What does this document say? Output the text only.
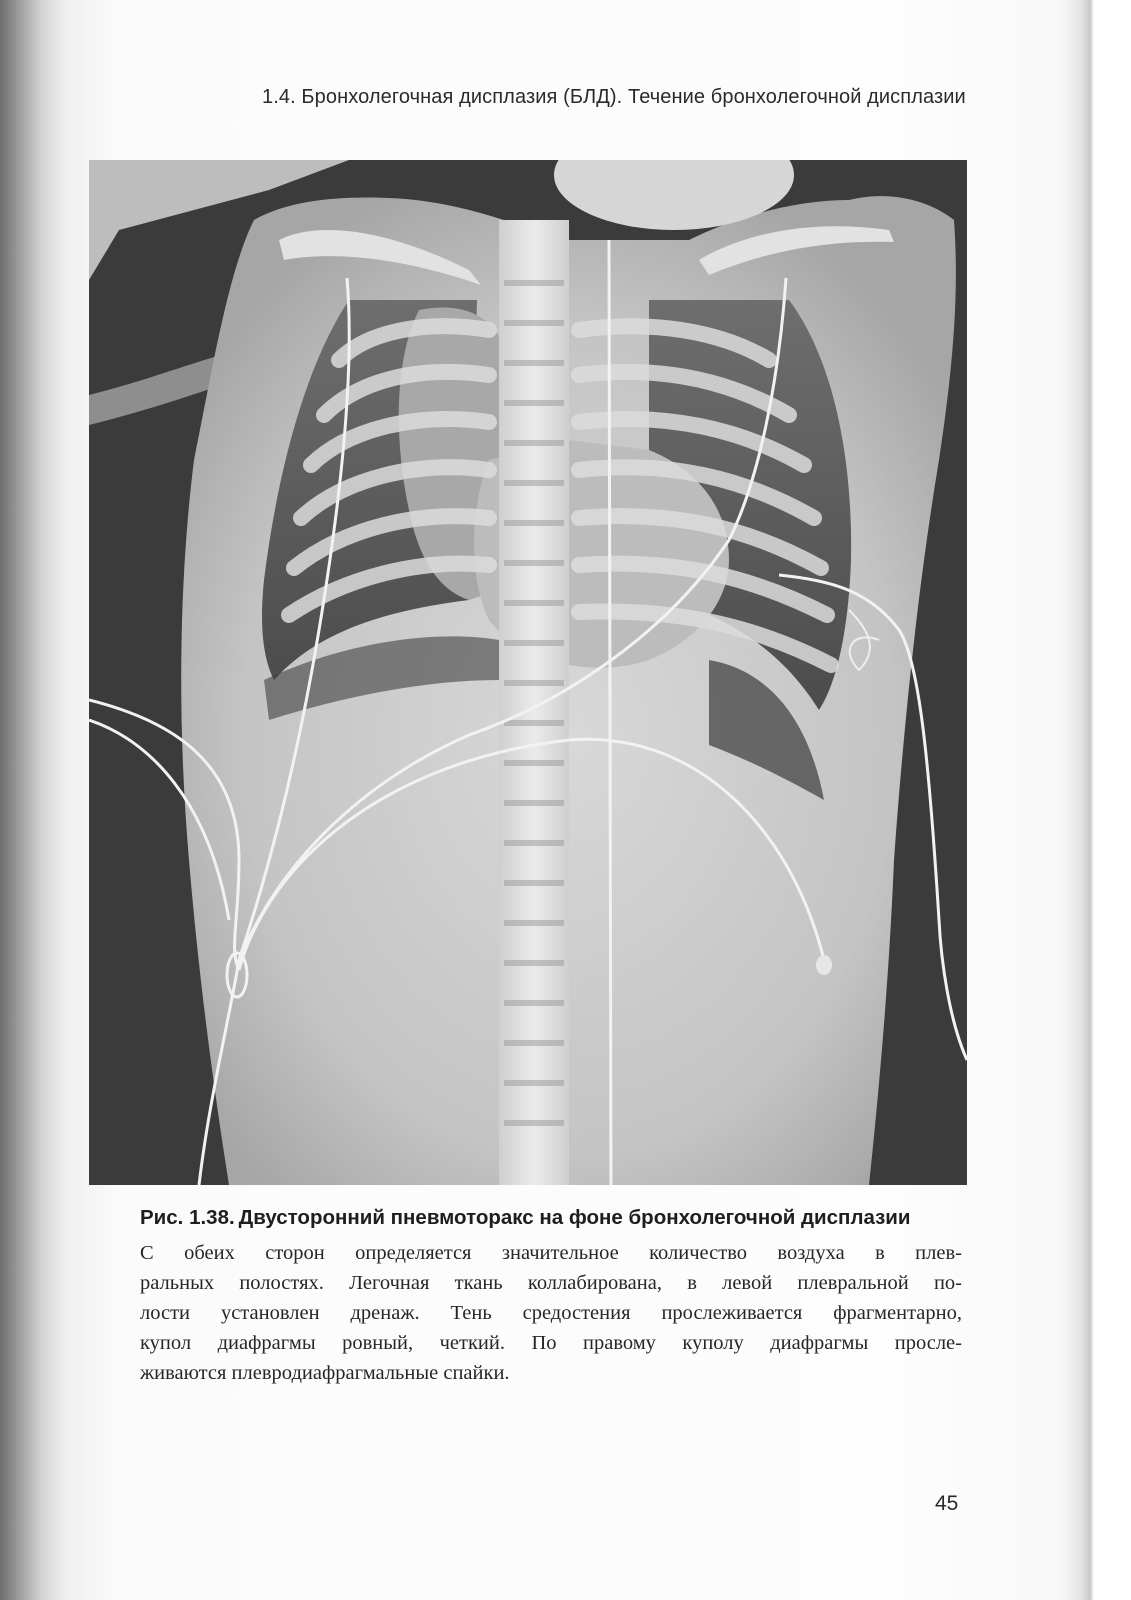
1.4. Бронхолегочная дисплазия (БЛД). Течение бронхолегочной дисплазии
Рис. 1.38. Двусторонний пневмоторакс на фоне бронхолегочной дисплазии
С обеих сторон определяется значительное количество воздуха в плев-
ральных полостях. Легочная ткань коллабирована, в левой плевральной по-
лости установлен дренаж. Тень средостения прослеживается фрагментарно,
купол диафрагмы ровный, четкий. По правому куполу диафрагмы просле-
живаются плевродиафрагмальные спайки.
45
